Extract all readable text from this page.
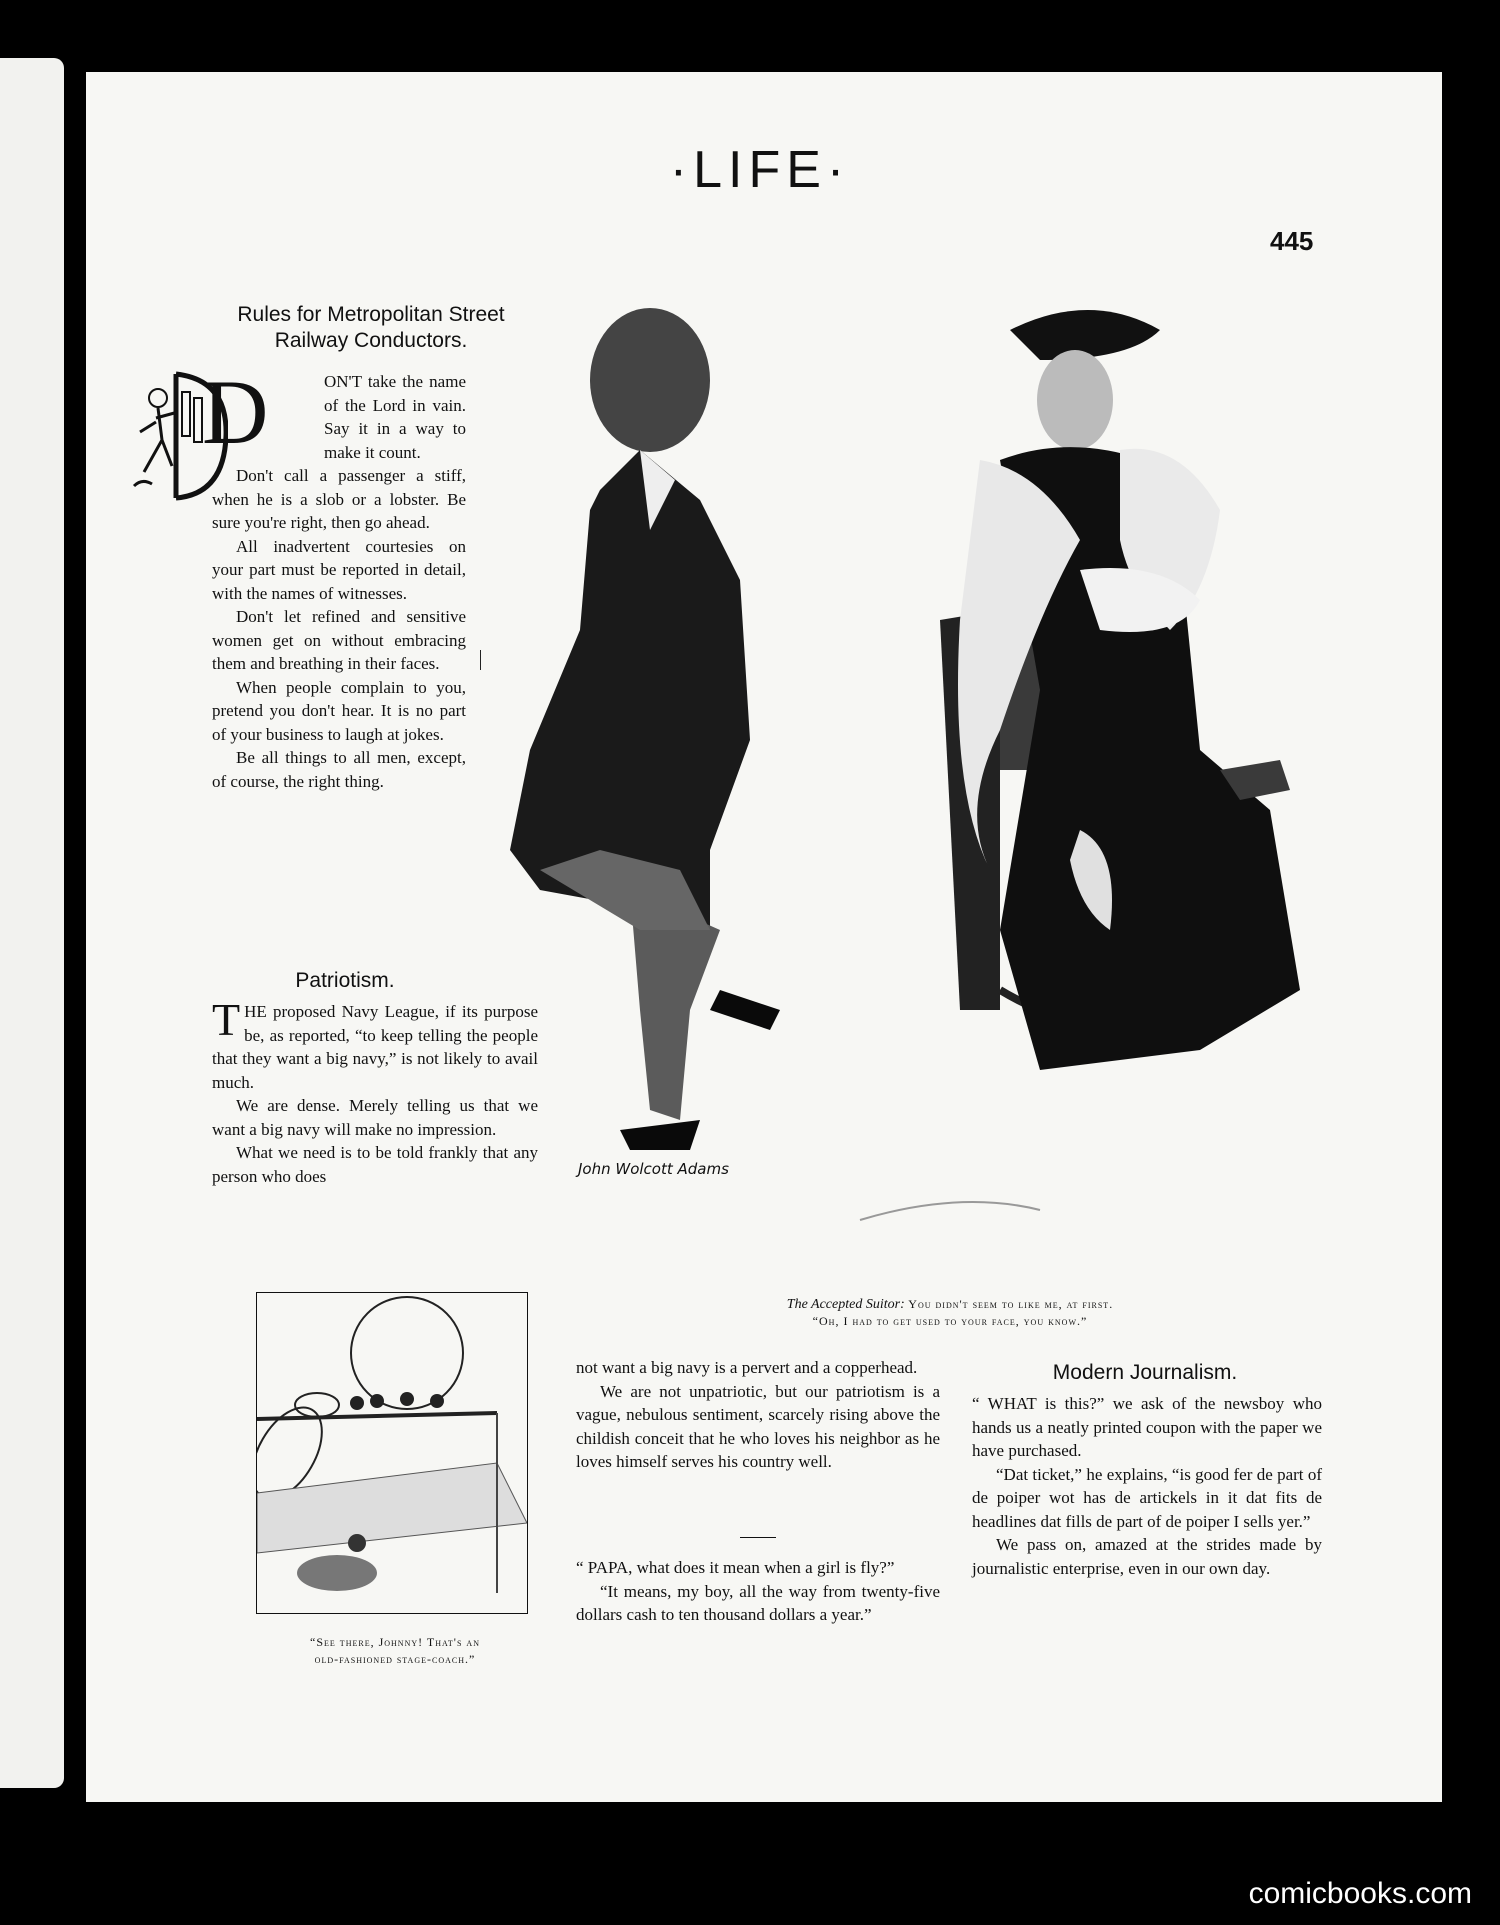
·LIFE·
445
Rules for Metropolitan Street
Railway Conductors.

ON'T take the name of the Lord in vain. Say it in a way to make it count.

Don't call a passenger a stiff, when he is a slob or a lobster. Be sure you're right, then go ahead.

All inadvertent courtesies on your part must be reported in detail, with the names of witnesses.

Don't let refined and sensitive women get on without embracing them and breathing in their faces.

When people complain to you, pretend you don't hear. It is no part of your business to laugh at jokes.

Be all things to all men, except, of course, the right thing.

D
Patriotism.

THE proposed Navy League, if its purpose be, as reported, “to keep telling the people that they want a big navy,” is not likely to avail much.

We are dense. Merely telling us that we want a big navy will make no impression.

What we need is to be told frankly that any person who does	John Wolcott Adams
The Accepted Suitor: You didn't seem to like me, at first.
“Oh, I had to get used to your face, you know.”
“See there, Johnny! That's an
old-fashioned stage-coach.”

not want a big navy is a pervert and a copperhead.

We are not unpatriotic, but our patriotism is a vague, nebulous sentiment, scarcely rising above the childish conceit that he who loves his neighbor as he loves himself serves his country well.

“ PAPA, what does it mean when a girl is fly?”

“It means, my boy, all the way from twenty-five dollars cash to ten thousand dollars a year.”

Modern Journalism.

“ WHAT is this?” we ask of the newsboy who hands us a neatly printed coupon with the paper we have purchased.

“Dat ticket,” he explains, “is good fer de part of de poiper wot has de artickels in it dat fits de headlines dat fills de part of de poiper I sells yer.”

We pass on, amazed at the strides made by journalistic enterprise, even in our own day.

comicbooks.com
